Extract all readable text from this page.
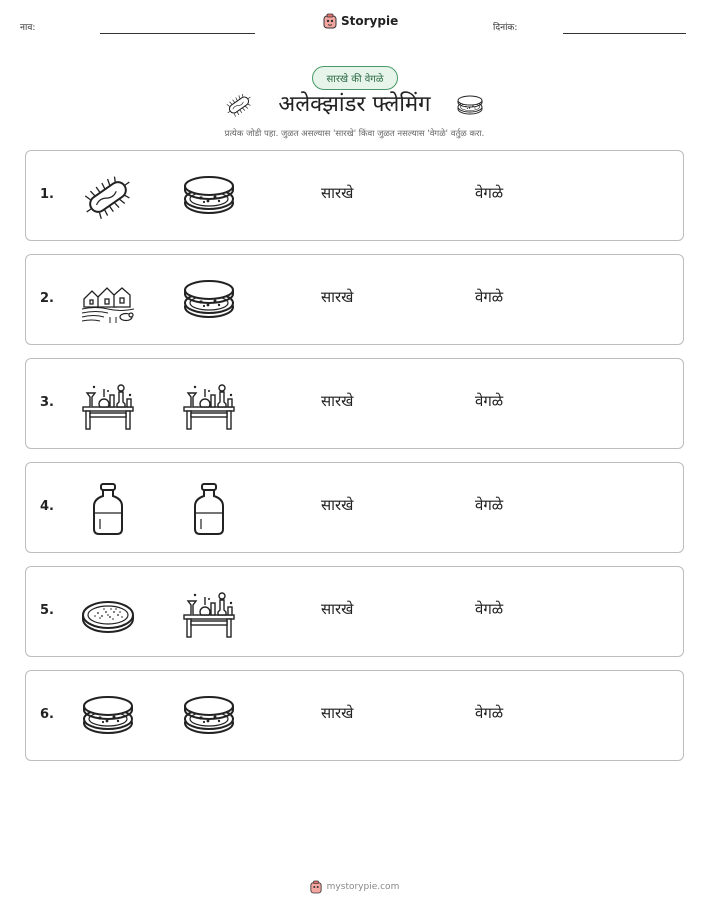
नाव:	Storypie	दिनांक:
सारखे की वेगळे
अलेक्झांडर फ्लेमिंग
प्रत्येक जोडी पहा. जुळत असल्यास 'सारखे' किंवा जुळत नसल्यास 'वेगळे' वर्तुळ करा.
1.	सारखे	वेगळे
2.	सारखे	वेगळे
3.	सारखे	वेगळे
4.	सारखे	वेगळे
5.	सारखे	वेगळे
6.	सारखे	वेगळे
mystorypie.com
